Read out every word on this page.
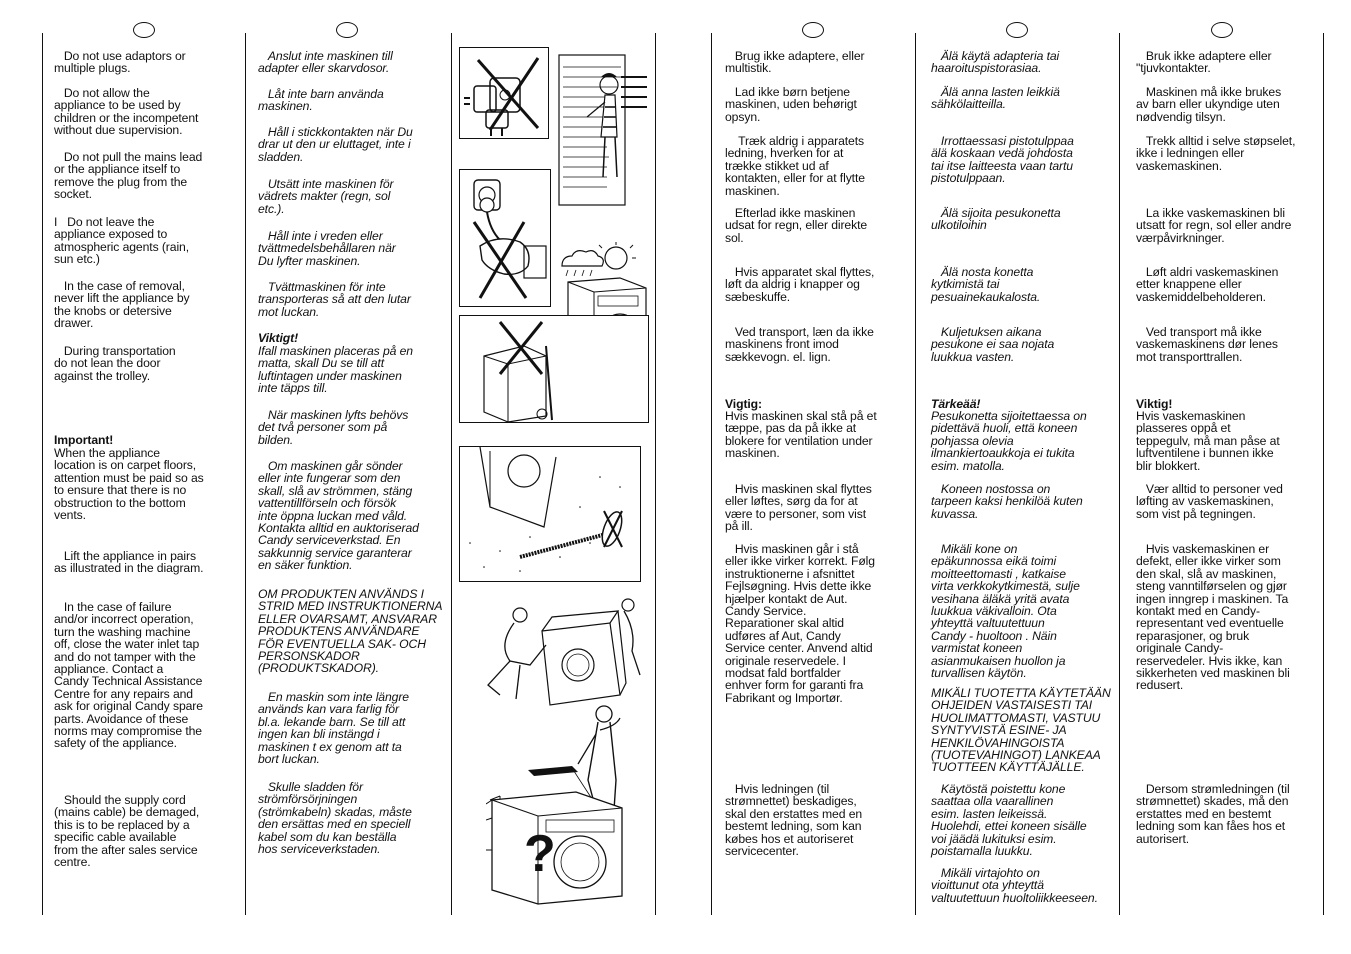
Do not use adaptors or
multiple plugs.

Do not allow the
appliance to be used by
children or the incompetent
without due supervision.

Do not pull the mains lead
or the appliance itself to
remove the plug from the
socket.

I   Do not leave the
appliance exposed to
atmospheric agents (rain,
sun etc.)

In the case of removal,
never lift the appliance by
the knobs or detersive
drawer.

During transportation
do not lean the door
against the trolley.

Important!

When the appliance
location is on carpet floors,
attention must be paid so as
to ensure that there is no
obstruction to the bottom
vents.

Lift the appliance in pairs
as illustrated in the diagram.

In the case of failure
and/or incorrect operation,
turn the washing machine
off, close the water inlet tap
and do not tamper with the
appliance. Contact a
Candy Technical Assistance
Centre for any repairs and
ask for original Candy spare
parts. Avoidance of these
norms may compromise the
safety of the appliance.

Should the supply cord
(mains cable) be demaged,
this is to be replaced by a
specific cable available
from the after sales service
centre.

Anslut inte maskinen till
adapter eller skarvdosor.

Låt inte barn använda
maskinen.

Håll i stickkontakten när Du
drar ut den ur eluttaget, inte i
sladden.

Utsätt inte maskinen för
vädrets makter (regn, sol
etc.).

Håll inte i vreden eller
tvättmedelsbehållaren när
Du lyfter maskinen.

Tvättmaskinen för inte
transporteras så att den lutar
mot luckan.

Viktigt!

Ifall maskinen placeras på en
matta, skall Du se till att
luftintagen under maskinen
inte täpps till.

När maskinen lyfts behövs
det två personer som på
bilden.

Om maskinen går sönder
eller inte fungerar som den
skall, slå av strömmen, stäng
vattentillförseln och försök
inte öppna luckan med våld.
Kontakta alltid en auktoriserad
Candy serviceverkstad. En
sakkunnig service garanterar
en säker funktion.

OM PRODUKTEN ANVÄNDS I
STRID MED INSTRUKTIONERNA
ELLER OVARSAMT, ANSVARAR
PRODUKTENS ANVÄNDARE
FÖR EVENTUELLA SAK- OCH
PERSONSKADOR
(PRODUKTSKADOR).

En maskin som inte längre
används kan vara farlig för
bl.a. lekande barn. Se till att
ingen kan bli instängd i
maskinen t ex genom att ta
bort luckan.

Skulle sladden för
strömförsörjningen
(strömkabeln) skadas, måste
den ersättas med en speciell
kabel som du kan beställa
hos serviceverkstaden.	?

Brug ikke adaptere, eller
multistik.

Lad ikke børn betjene
maskinen, uden behørigt
opsyn.

Træk aldrig i apparatets
ledning, hverken for at
trække stikket ud af
kontakten, eller for at flytte
maskinen.

Efterlad ikke maskinen
udsat for regn, eller direkte
sol.

Hvis apparatet skal flyttes,
løft da aldrig i knapper og
sæbeskuffe.

Ved transport, læn da ikke
maskinens front imod
sækkevogn. el. lign.

Vigtig:

Hvis maskinen skal stå på et
tæppe, pas da på ikke at
blokere for ventilation under
maskinen.

Hvis maskinen skal flyttes
eller løftes, sørg da for at
være to personer, som vist
på ill.

Hvis maskinen går i stå
eller ikke virker korrekt. Følg
instruktionerne i afsnittet
Fejlsøgning. Hvis dette ikke
hjælper kontakt de Aut.
Candy Service.
Reparationer skal altid
udføres af Aut, Candy
Service center. Anvend altid
originale reservedele. I
modsat fald bortfalder
enhver form for garanti fra
Fabrikant og Importør.

Hvis ledningen (til
strømnettet) beskadiges,
skal den erstattes med en
bestemt ledning, som kan
købes hos et autoriseret
servicecenter.

Älä käytä adapteria tai
haaroituspistorasiaa.

Älä anna lasten leikkiä
sähkölaitteilla.

Irrottaessasi pistotulppaa
älä koskaan vedä johdosta
tai itse laitteesta vaan tartu
pistotulppaan.

Älä sijoita pesukonetta
ulkotiloihin

Älä nosta konetta
kytkimistä tai
pesuainekaukalosta.

Kuljetuksen aikana
pesukone ei saa nojata
luukkua vasten.

Tärkeää!

Pesukonetta sijoitettaessa on
pidettävä huoli, että koneen
pohjassa olevia
ilmankiertoaukkoja ei tukita
esim. matolla.

Koneen nostossa on
tarpeen kaksi henkilöä kuten
kuvassa.

Mikäli kone on
epäkunnossa eikä toimi
moitteettomasti , katkaise
virta verkkokytkimestä, sulje
vesihana äläkä yritä avata
luukkua väkivalloin. Ota
yhteyttä valtuutettuun
Candy - huoltoon . Näin
varmistat koneen
asianmukaisen huollon ja
turvallisen käytön.

MIKÄLI TUOTETTA KÄYTETÄÄN
OHJEIDEN VASTAISESTI TAI
HUOLIMATTOMASTI, VASTUU
SYNTYVISTÄ ESINE- JA
HENKILÖVAHINGOISTA
(TUOTEVAHINGOT) LANKEAA
TUOTTEEN KÄYTTÄJÄLLE.

Käytöstä poistettu kone
saattaa olla vaarallinen
esim. lasten leikeissä.
Huolehdi, ettei koneen sisälle
voi jäädä lukituksi esim.
poistamalla luukku.

Mikäli virtajohto on
vioittunut ota yhteyttä
valtuutettuun huoltoliikkeeseen.

Bruk ikke adaptere eller
"tjuvkontakter.

Maskinen må ikke brukes
av barn eller ukyndige uten
nødvendig tilsyn.

Trekk alltid i selve støpselet,
ikke i ledningen eller
vaskemaskinen.

La ikke vaskemaskinen bli
utsatt for regn, sol eller andre
værpåvirkninger.

Løft aldri vaskemaskinen
etter knappene eller
vaskemiddelbeholderen.

Ved transport må ikke
vaskemaskinens dør lenes
mot transporttrallen.

Viktig!

Hvis vaskemaskinen
plasseres oppå et
teppegulv, må man påse at
luftventilene i bunnen ikke
blir blokkert.

Vær alltid to personer ved
løfting av vaskemaskinen,
som vist på tegningen.

Hvis vaskemaskinen er
defekt, eller ikke virker som
den skal, slå av maskinen,
steng vanntilførselen og gjør
ingen inngrep i maskinen. Ta
kontakt med en Candy-
representant ved eventuelle
reparasjoner, og bruk
originale Candy-
reservedeler. Hvis ikke, kan
sikkerheten ved maskinen bli
redusert.

Dersom strømledningen (til
strømnettet) skades, må den
erstattes med en bestemt
ledning som kan fåes hos et
autorisert.
